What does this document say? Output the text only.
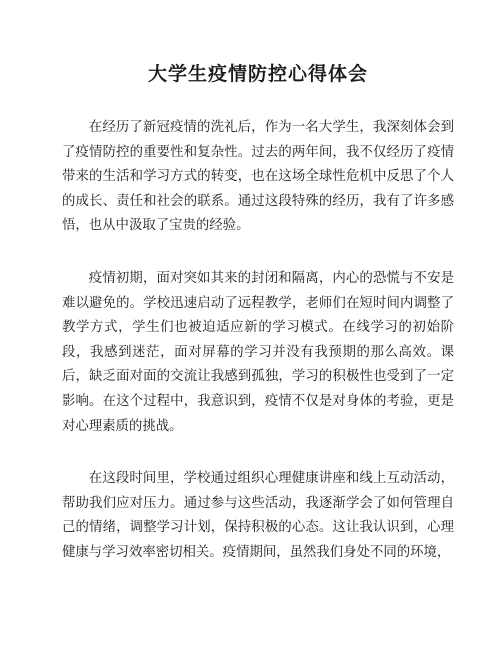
大学生疫情防控心得体会

在经历了新冠疫情的洗礼后，作为一名大学生，我深刻体会到了疫情防控的重要性和复杂性。过去的两年间，我不仅经历了疫情带来的生活和学习方式的转变，也在这场全球性危机中反思了个人的成长、责任和社会的联系。通过这段特殊的经历，我有了许多感悟，也从中汲取了宝贵的经验。

疫情初期，面对突如其来的封闭和隔离，内心的恐慌与不安是难以避免的。学校迅速启动了远程教学，老师们在短时间内调整了教学方式，学生们也被迫适应新的学习模式。在线学习的初始阶段，我感到迷茫，面对屏幕的学习并没有我预期的那么高效。课后，缺乏面对面的交流让我感到孤独，学习的积极性也受到了一定影响。在这个过程中，我意识到，疫情不仅是对身体的考验，更是对心理素质的挑战。

在这段时间里，学校通过组织心理健康讲座和线上互动活动，帮助我们应对压力。通过参与这些活动，我逐渐学会了如何管理自己的情绪，调整学习计划，保持积极的心态。这让我认识到，心理健康与学习效率密切相关。疫情期间，虽然我们身处不同的环境，
